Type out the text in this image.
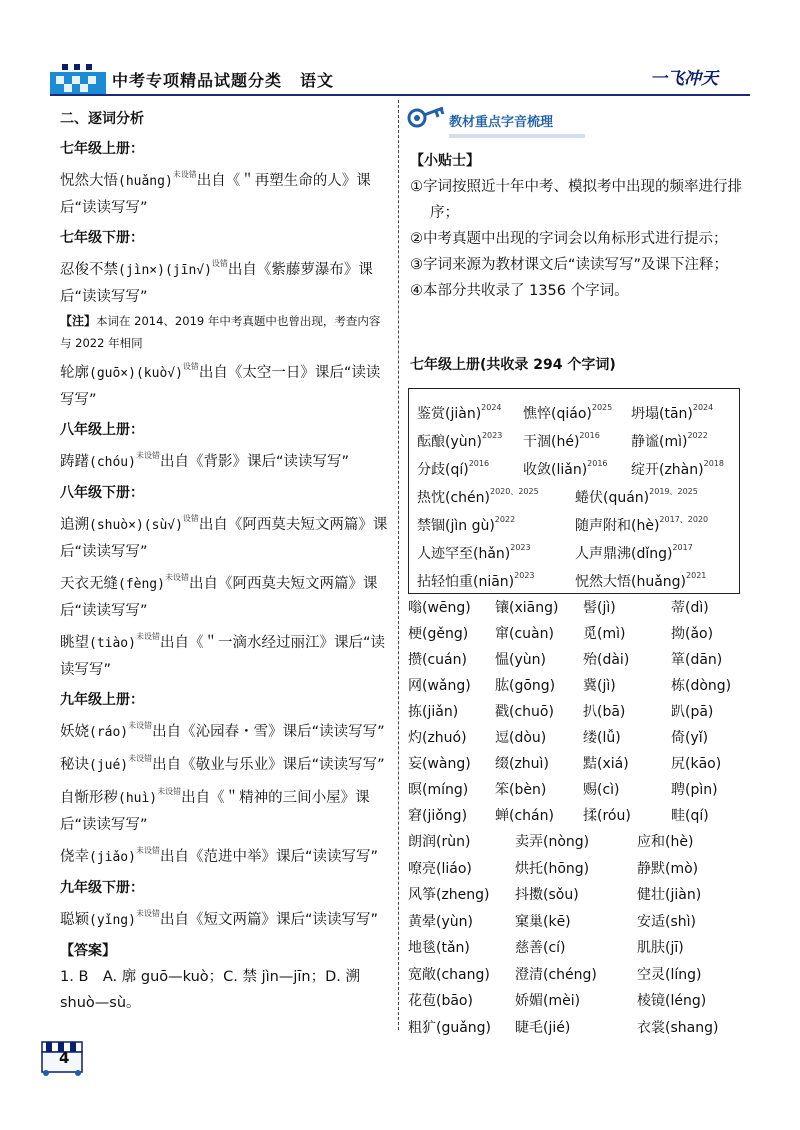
中考专项精品试题分类 语文	一飞冲天
二、逐词分析
七年级上册：
怳然大悟(huǎng)$^{未设错}$出自《＂再塑生命的人》课后“读读写写”
七年级下册：
忍俊不禁(jìn×)(jīn√)$^{设错}$出自《紫藤萝瀑布》课后“读读写写”
【注】本词在 2014、2019 年中考真题中也曾出现，考查内容与 2022 年相同
轮廓(guō×)(kuò√)$^{设错}$出自《太空一日》课后“读读写写”
八年级上册：
踌躇(chóu)$^{未设错}$出自《背影》课后“读读写写”
八年级下册：
追溯(shuò×)(sù√)$^{设错}$出自《阿西莫夫短文两篇》课后“读读写写”
天衣无缝(fèng)$^{未设错}$出自《阿西莫夫短文两篇》课后“读读写写”
眺望(tiào)$^{未设错}$出自《＂一滴水经过丽江》课后“读读写写”
九年级上册：
妖娆(ráo)$^{未设错}$出自《沁园春・雪》课后“读读写写”
秘诀(jué)$^{未设错}$出自《敬业与乐业》课后“读读写写”
自惭形秽(huì)$^{未设错}$出自《＂精神的三间小屋》课后“读读写写”
侥幸(jiǎo)$^{未设错}$出自《范进中举》课后“读读写写”
九年级下册：
聪颖(yǐng)$^{未设错}$出自《短文两篇》课后“读读写写”
【答案】
1. B　A. 廓 guō—kuò；C. 禁 jìn—jīn；D. 溯 shuò—sù。
教材重点字音梳理
【小贴士】
①字词按照近十年中考、模拟考中出现的频率进行排序；
②中考真题中出现的字词会以角标形式进行提示；
③字词来源为教材课文后“读读写写”及课下注释；
④本部分共收录了 1356 个字词。
七年级上册(共收录 294 个字词)
鉴赏(jiàn)$^{2024}$ 憔悴(qiáo)$^{2025}$ 坍塌(tān)$^{2024}$
酝酿(yùn)$^{2023}$ 干涸(hé)$^{2016}$ 静谧(mì)$^{2022}$
分歧(qí)$^{2016}$ 收敛(liǎn)$^{2016}$ 绽开(zhàn)$^{2018}$
热忱(chén)$^{2020、2025}$	蜷伏(quán)$^{2019、2025}$
禁锢(jìn gù)$^{2022}$	随声附和(hè)$^{2017、2020}$
人迹罕至(hǎn)$^{2023}$	人声鼎沸(dǐng)$^{2017}$
拈轻怕重(niān)$^{2023}$	怳然大悟(huǎng)$^{2021}$
嗡(wēng) 镶(xiāng) 髻(jì)	蒂(dì)
梗(gěng) 窜(cuàn) 觅(mì)	拗(ǎo)
攒(cuán) 愠(yùn)	殆(dài)	箪(dān)
网(wǎng) 肱(gōng) 冀(jì)	栋(dòng)
拣(jiǎn)	戳(chuō) 扒(bā)	趴(pā)
灼(zhuó) 逗(dòu)	缕(lǚ)	倚(yǐ)
妄(wàng) 缀(zhuì) 黠(xiá)	尻(kāo)
暝(míng) 笨(bèn)	赐(cì)	聘(pìn)
窘(jiǒng) 蝉(chán) 揉(róu)	畦(qí)
朗润(rùn)	卖弄(nòng)	应和(hè)
嘹亮(liáo)	烘托(hōng)	静默(mò)
风筝(zheng) 抖擞(sǒu)	健壮(jiàn)
黄晕(yùn)	窠巢(kē)	安适(shì)
地毯(tǎn)	慈善(cí)	肌肤(jī)
宽敞(chang) 澄清(chéng)	空灵(líng)
花苞(bāo)	娇媚(mèi)	棱镜(léng)
粗犷(guǎng) 睫毛(jié)	衣裳(shang)
4
